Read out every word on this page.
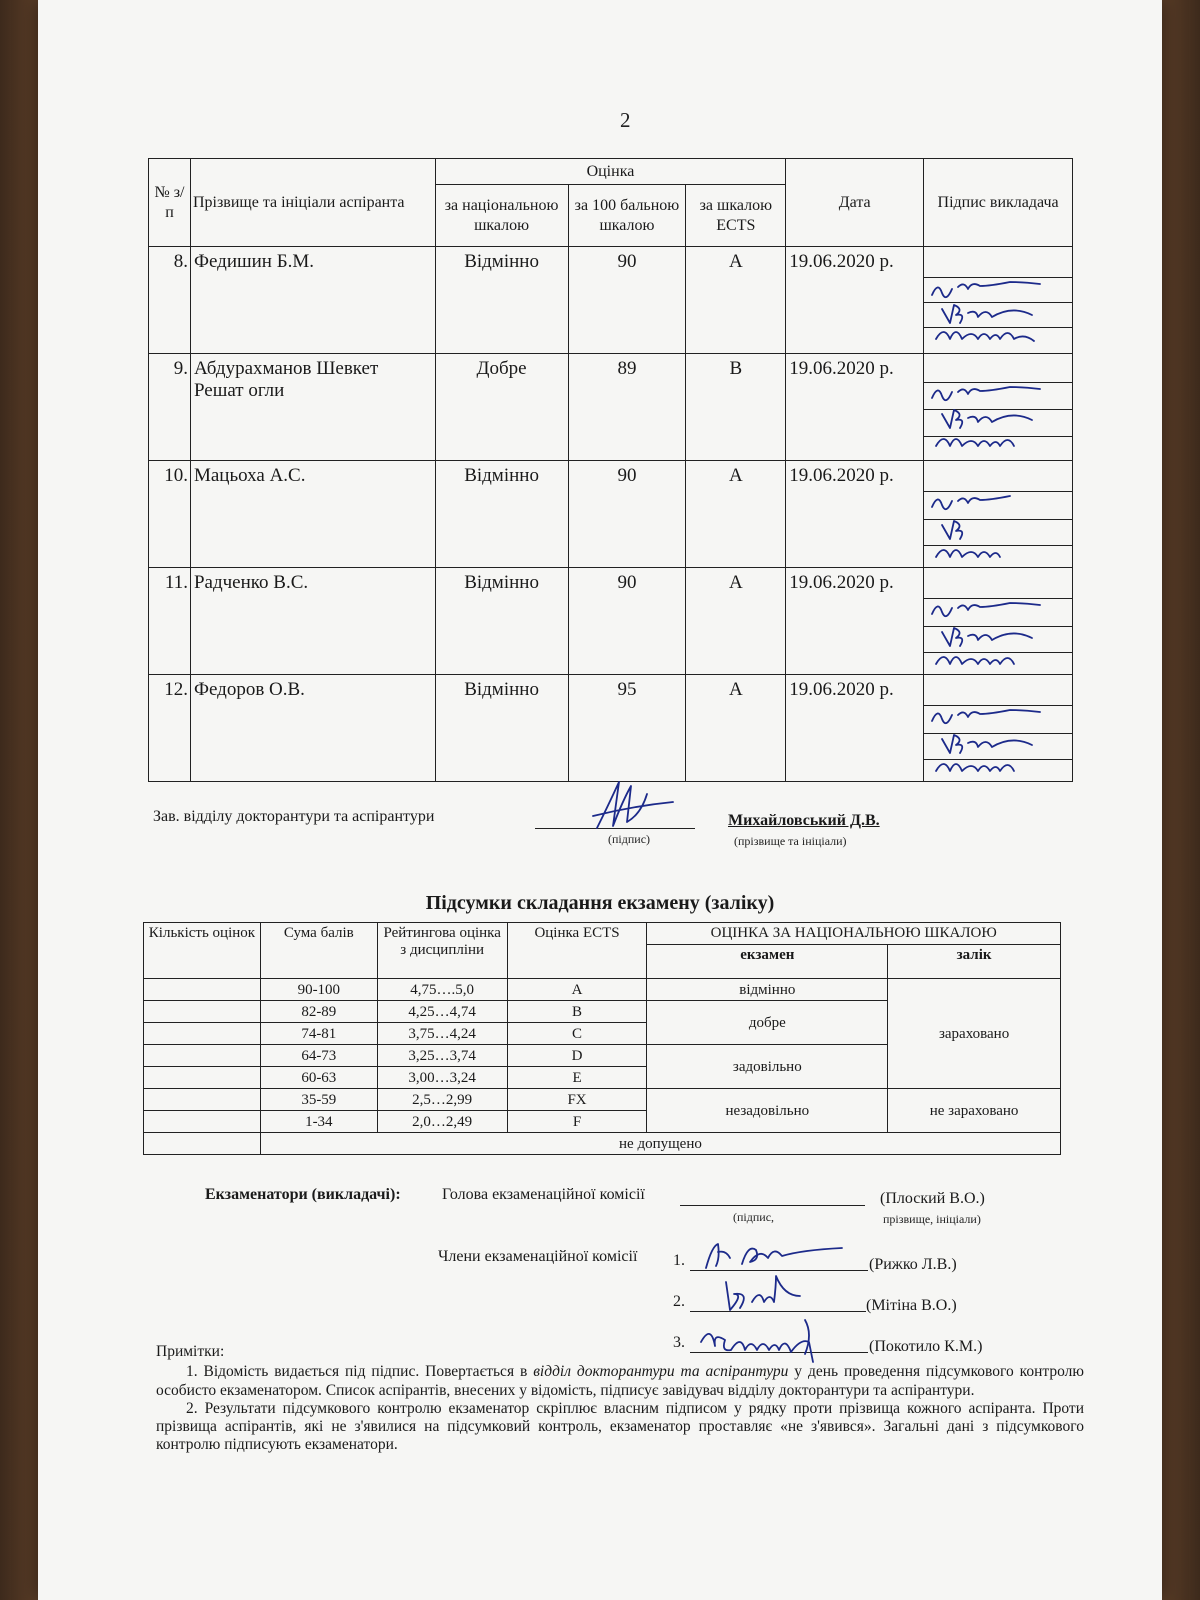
2
№ з/п	Прізвище та ініціали аспіранта	Оцінка			Дата	Підпис викладача
		за національною шкалою	за 100 бальною шкалою	за шкалою ECTS		
8.	Федишин Б.М.	Відмінно	90	A	19.06.2020 р.	

9.	Абдурахманов Шевкет Решат огли	Добре	89	B	19.06.2020 р.	

10.	Мацьоха А.С.	Відмінно	90	A	19.06.2020 р.	

11.	Радченко В.С.	Відмінно	90	A	19.06.2020 р.	

12.	Федоров О.В.	Відмінно	95	A	19.06.2020 р.	
Зав. відділу докторантури та аспірантури
(підпис)
Михайловський Д.В.
(прізвище та ініціали)
Підсумки складання екзамену (заліку)
Кількість оцінок	Сума балів	Рейтингова оцінка з дисципліни	Оцінка ECTS	ОЦІНКА ЗА НАЦІОНАЛЬНОЮ ШКАЛОЮ	
				екзамен	залік
	90-100	4,75….5,0	A	відмінно	зараховано
	82-89	4,25…4,74	B	добре	
	74-81	3,75…4,24	C		
	64-73	3,25…3,74	D	задовільно	
	60-63	3,00…3,24	E		
	35-59	2,5…2,99	FX	незадовільно	не зараховано
	1-34	2,0…2,49	F		
	не допущено				
Екзаменатори (викладачі):	Голова екзаменаційної комісії	(Плоский В.О.)
(підпис,	прізвище, ініціали)
Члени екзаменаційної комісії 1.	(Рижко Л.В.)
2.	(Мітіна В.О.)
3.	(Покотило К.М.)
Примітки:

1. Відомість видається під підпис. Повертається в відділ докторантури та аспірантури у день проведення підсумкового контролю особисто екзаменатором. Список аспірантів, внесених у відомість, підписує завідувач відділу докторантури та аспірантури.

2. Результати підсумкового контролю екзаменатор скріплює власним підписом у рядку проти прізвища кожного аспіранта. Проти прізвища аспірантів, які не з'явилися на підсумковий контроль, екзаменатор проставляє «не з'явився». Загальні дані з підсумкового контролю підписують екзаменатори.
